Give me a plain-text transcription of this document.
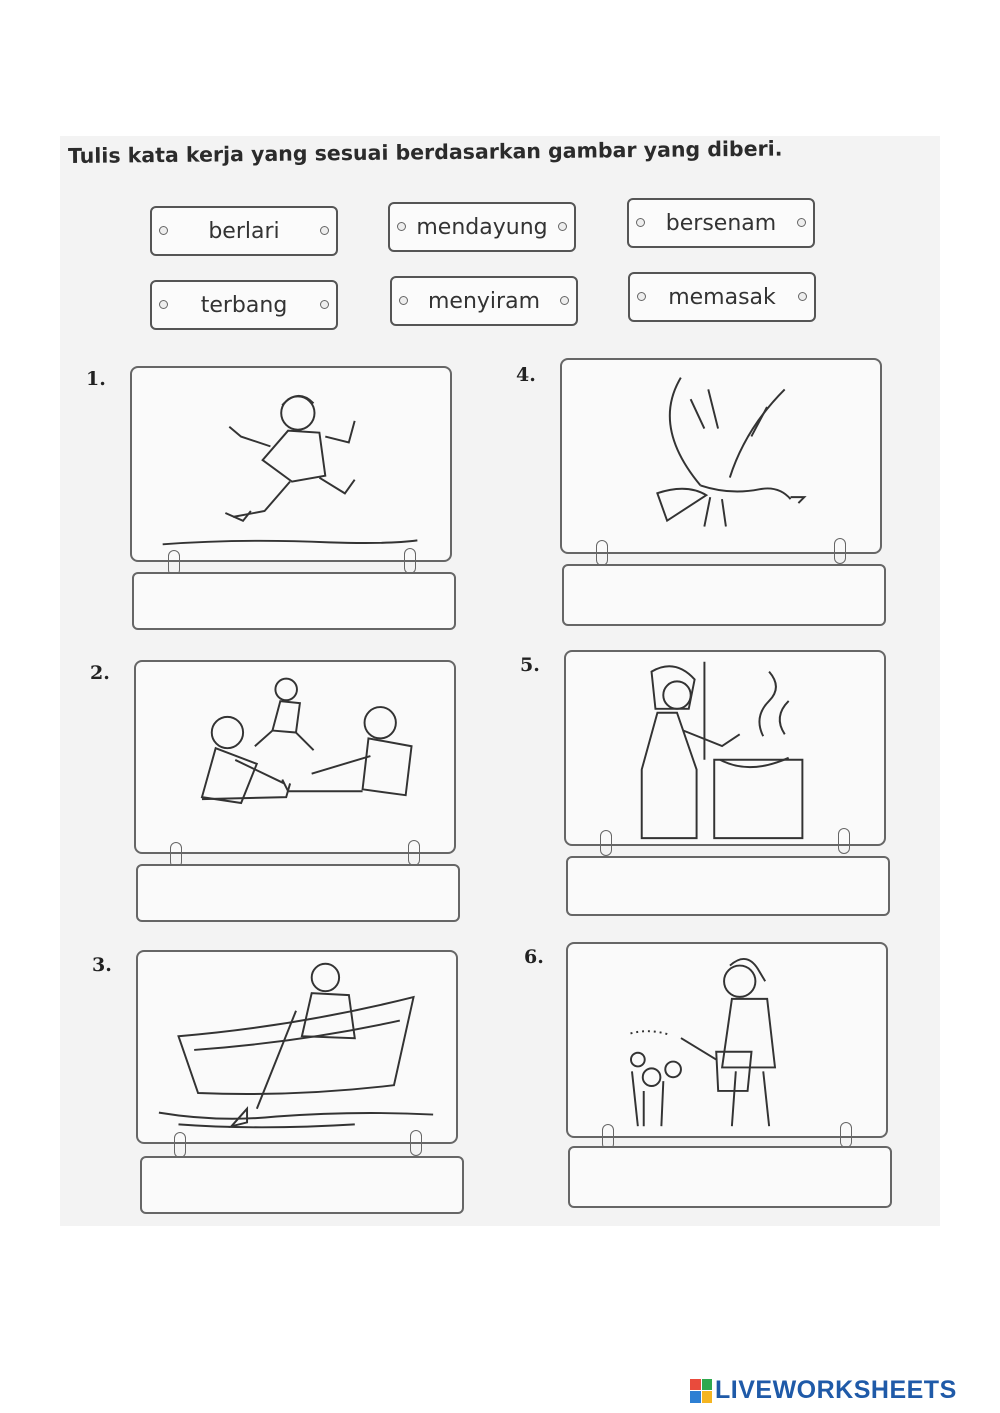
Tulis kata kerja yang sesuai berdasarkan gambar yang diberi.
berlari	mendayung	bersenam
terbang	menyiram	memasak
1.
2.
3.
4.
5.
6.
LIVEWORKSHEETS
